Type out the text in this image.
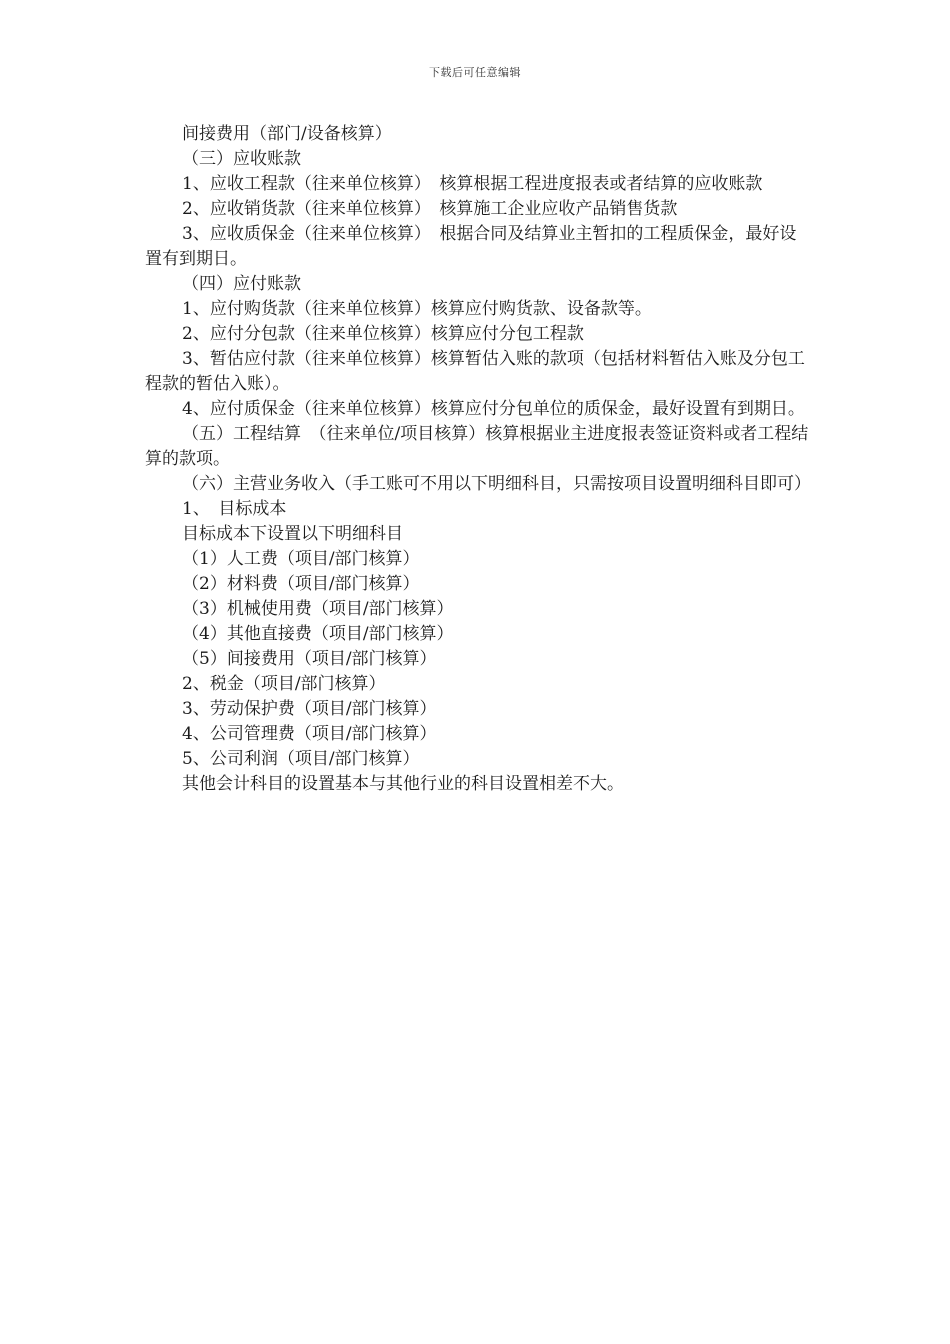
下载后可任意编辑
间接费用（部门/设备核算）
（三）应收账款
1、应收工程款（往来单位核算）　核算根据工程进度报表或者结算的应收账款
2、应收销货款（往来单位核算）　核算施工企业应收产品销售货款
3、应收质保金（往来单位核算）　根据合同及结算业主暂扣的工程质保金，最好设置有到期日。
（四）应付账款
1、应付购货款（往来单位核算）核算应付购货款、设备款等。
2、应付分包款（往来单位核算）核算应付分包工程款
3、暂估应付款（往来单位核算）核算暂估入账的款项（包括材料暂估入账及分包工程款的暂估入账）。
4、应付质保金（往来单位核算）核算应付分包单位的质保金，最好设置有到期日。
（五）工程结算　（往来单位/项目核算）核算根据业主进度报表签证资料或者工程结算的款项。
（六）主营业务收入（手工账可不用以下明细科目，只需按项目设置明细科目即可）
1、　目标成本
目标成本下设置以下明细科目
（1）人工费（项目/部门核算）
（2）材料费（项目/部门核算）
（3）机械使用费（项目/部门核算）
（4）其他直接费（项目/部门核算）
（5）间接费用（项目/部门核算）
2、税金（项目/部门核算）
3、劳动保护费（项目/部门核算）
4、公司管理费（项目/部门核算）
5、公司利润（项目/部门核算）
其他会计科目的设置基本与其他行业的科目设置相差不大。
